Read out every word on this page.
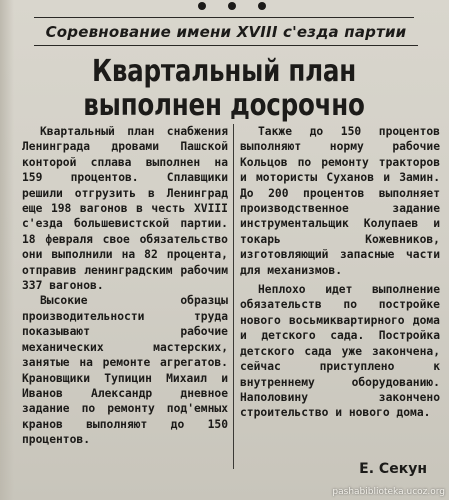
Соревнование имени XVIII с'езда партии
Квартальный план выполнен досрочно

Квартальный план снабжения Ленинграда дровами Пашской конторой сплава выполнен на 159 процентов. Сплавщики решили отгрузить в Ленинград еще 198 вагонов в честь XVIII с'езда большевистской партии. 18 февраля свое обязательство они выполнили на 82 процента, отправив ленинградским рабочим 337 вагонов.

Высокие образцы производительности труда показывают рабочие механических мастерских, занятые на ремонте агрегатов. Крановщики Тупицин Михаил и Иванов Александр дневное задание по ремонту под'емных кранов выполняют до 150 процентов.

Также до 150 процентов выполняют норму рабочие Кольцов по ремонту тракторов и мотористы Суханов и Замин. До 200 процентов выполняет производственное задание инструментальщик Колупаев и токарь Кожевников, изготовляющий запасные части для механизмов.

Неплохо идет выполнение обязательств по постройке нового восьмиквартирного дома и детского сада. Постройка детского сада уже закончена, сейчас приступлено к внутреннему оборудованию. Наполовину закончено строительство и нового дома.

Е. Секун

pashabiblioteka.ucoz.org
